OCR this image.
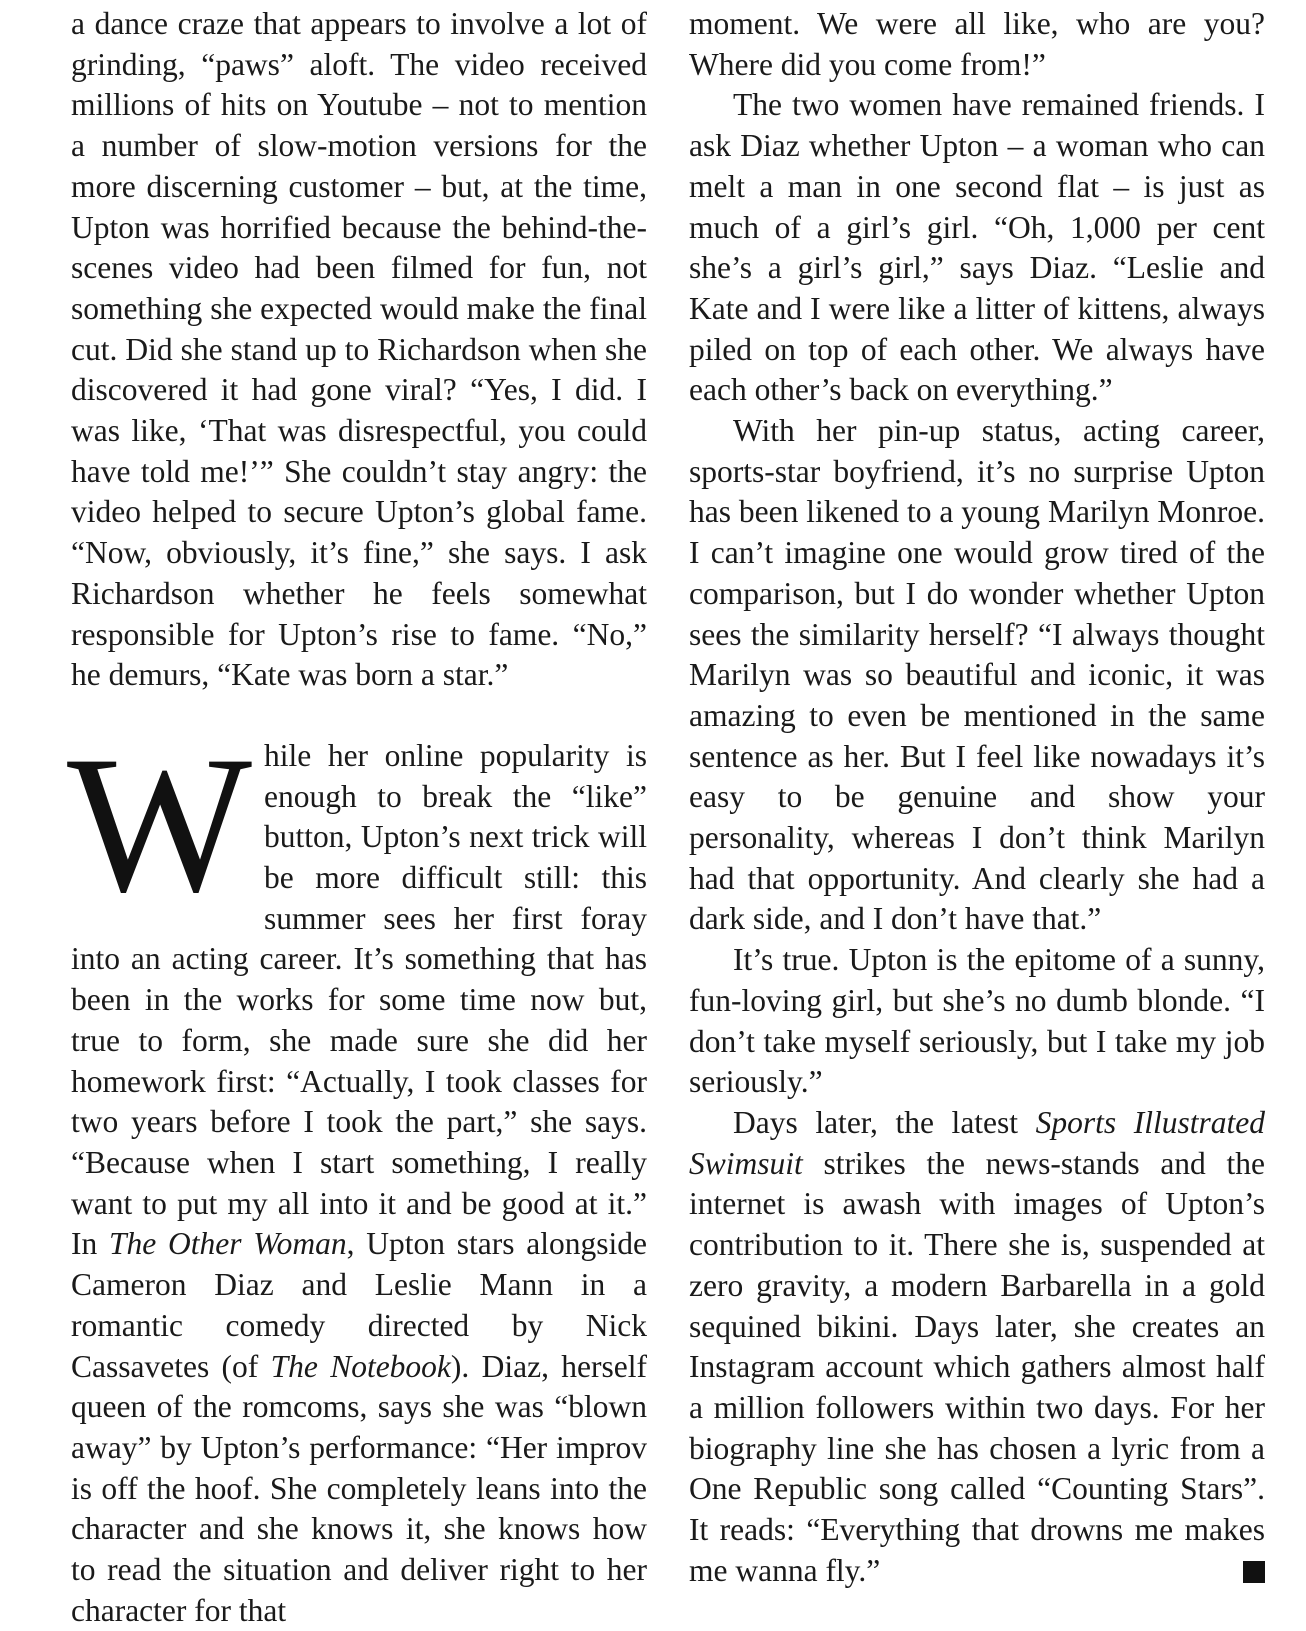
a dance craze that appears to involve a lot of grinding, “paws” aloft. The video received millions of hits on Youtube – not to mention a number of slow-motion versions for the more discerning customer – but, at the time, Upton was horrified because the behind-the-scenes video had been filmed for fun, not something she expected would make the final cut. Did she stand up to Richardson when she discovered it had gone viral? “Yes, I did. I was like, ‘That was disrespectful, you could have told me!’” She couldn’t stay angry: the video helped to secure Upton’s global fame. “Now, obviously, it’s fine,” she says. I ask Richardson whether he feels somewhat responsible for Upton’s rise to fame. “No,” he demurs, “Kate was born a star.”

While her online popularity is enough to break the “like” button, Upton’s next trick will be more difficult still: this summer sees her first foray into an acting career. It’s something that has been in the works for some time now but, true to form, she made sure she did her homework first: “Actually, I took classes for two years before I took the part,” she says. “Because when I start something, I really want to put my all into it and be good at it.” In The Other Woman, Upton stars alongside Cameron Diaz and Leslie Mann in a romantic comedy directed by Nick Cassavetes (of The Notebook). Diaz, herself queen of the romcoms, says she was “blown away” by Upton’s performance: “Her improv is off the hoof. She completely leans into the character and she knows it, she knows how to read the situation and deliver right to her character for that

moment. We were all like, who are you? Where did you come from!”

The two women have remained friends. I ask Diaz whether Upton – a woman who can melt a man in one second flat – is just as much of a girl’s girl. “Oh, 1,000 per cent she’s a girl’s girl,” says Diaz. “Leslie and Kate and I were like a litter of kittens, always piled on top of each other. We always have each other’s back on everything.”

With her pin-up status, acting career, sports-star boyfriend, it’s no surprise Upton has been likened to a young Marilyn Monroe. I can’t imagine one would grow tired of the comparison, but I do wonder whether Upton sees the similarity herself? “I always thought Marilyn was so beautiful and iconic, it was amazing to even be mentioned in the same sentence as her. But I feel like nowadays it’s easy to be genuine and show your personality, whereas I don’t think Marilyn had that opportunity. And clearly she had a dark side, and I don’t have that.”

It’s true. Upton is the epitome of a sunny, fun-loving girl, but she’s no dumb blonde. “I don’t take myself seriously, but I take my job seriously.”

Days later, the latest Sports Illustrated Swimsuit strikes the news-stands and the internet is awash with images of Upton’s contribution to it. There she is, suspended at zero gravity, a modern Barbarella in a gold sequined bikini. Days later, she creates an Instagram account which gathers almost half a million followers within two days. For her biography line she has chosen a lyric from a One Republic song called “Counting Stars”. It reads: “Everything that drowns me makes me wanna fly.”
